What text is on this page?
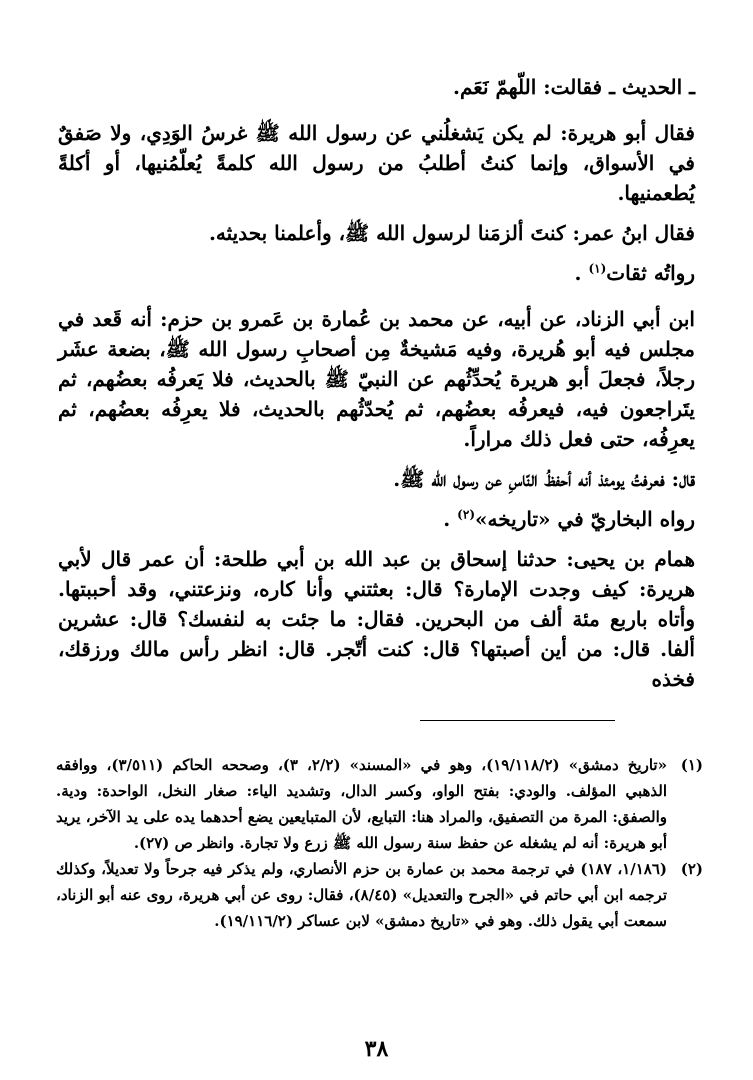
ـ الحديث ـ فقالت: اللّهمّ نَعَم.

فقال أبو هريرة: لم يكن يَشغلُني عن رسول الله ﷺ غرسُ الوَدِي، ولا صَفقٌ في الأسواق، وإنما كنتُ أطلبُ من رسول الله كلمةً يُعلّمُنيها، أو أكلةً يُطعمنيها.

فقال ابنُ عمر: كنتَ ألزمَنا لرسول الله ﷺ، وأعلمنا بحديثه.

رواتُه ثقات$^{(١)}$ .

ابن أبي الزناد، عن أبيه، عن محمد بن عُمارة بن عَمرو بن حزم: أنه قَعد في مجلس فيه أبو هُريرة، وفيه مَشيخةٌ مِن أصحابِ رسول الله ﷺ، بضعة عشَر رجلاً، فجعلَ أبو هريرة يُحدِّثُهم عن النبيّ ﷺ بالحديث، فلا يَعرفُه بعضُهم، ثم يتَراجعون فيه، فيعرفُه بعضُهم، ثم يُحدّثُهم بالحديث، فلا يعرِفُه بعضُهم، ثم يعرِفُه، حتى فعل ذلك مراراً.

قال: فعرفتُ يومئذ أنه أحفظُ النّاسِ عن رسول الله ﷺ.

رواه البخاريّ في «تاريخه»$^{(٢)}$ .

همام بن يحيى: حدثنا إسحاق بن عبد الله بن أبي طلحة: أن عمر قال لأبي هريرة: كيف وجدت الإمارة؟ قال: بعثتني وأنا كاره، ونزعتني، وقد أحببتها. وأتاه باربع مئة ألف من البحرين. فقال: ما جئت به لنفسك؟ قال: عشرين ألفا. قال: من أين أصبتها؟ قال: كنت أتّجر. قال: انظر رأس مالك ورزقك، فخذه

(١)
«تاريخ دمشق» (١٩/١١٨/٢)، وهو في «المسند» (٢/٢، ٣)، وصححه الحاكم (٣/٥١١)، ووافقه الذهبي المؤلف. والودي: بفتح الواو، وكسر الدال، وتشديد الياء: صغار النخل، الواحدة: ودية. والصفق: المرة من التصفيق، والمراد هنا: التبايع، لأن المتبايعين يضع أحدهما يده على يد الآخر، يريد أبو هريرة: أنه لم يشغله عن حفظ سنة رسول الله ﷺ زرع ولا تجارة. وانظر ص (٢٧).
(٢)
(١/١٨٦، ١٨٧) في ترجمة محمد بن عمارة بن حزم الأنصاري، ولم يذكر فيه جرحاً ولا تعديلاً، وكذلك ترجمه ابن أبي حاتم في «الجرح والتعديل» (٨/٤٥)، فقال: روى عن أبي هريرة، روى عنه أبو الزناد، سمعت أبي يقول ذلك. وهو في «تاريخ دمشق» لابن عساكر (١٩/١١٦/٢).
٣٨
